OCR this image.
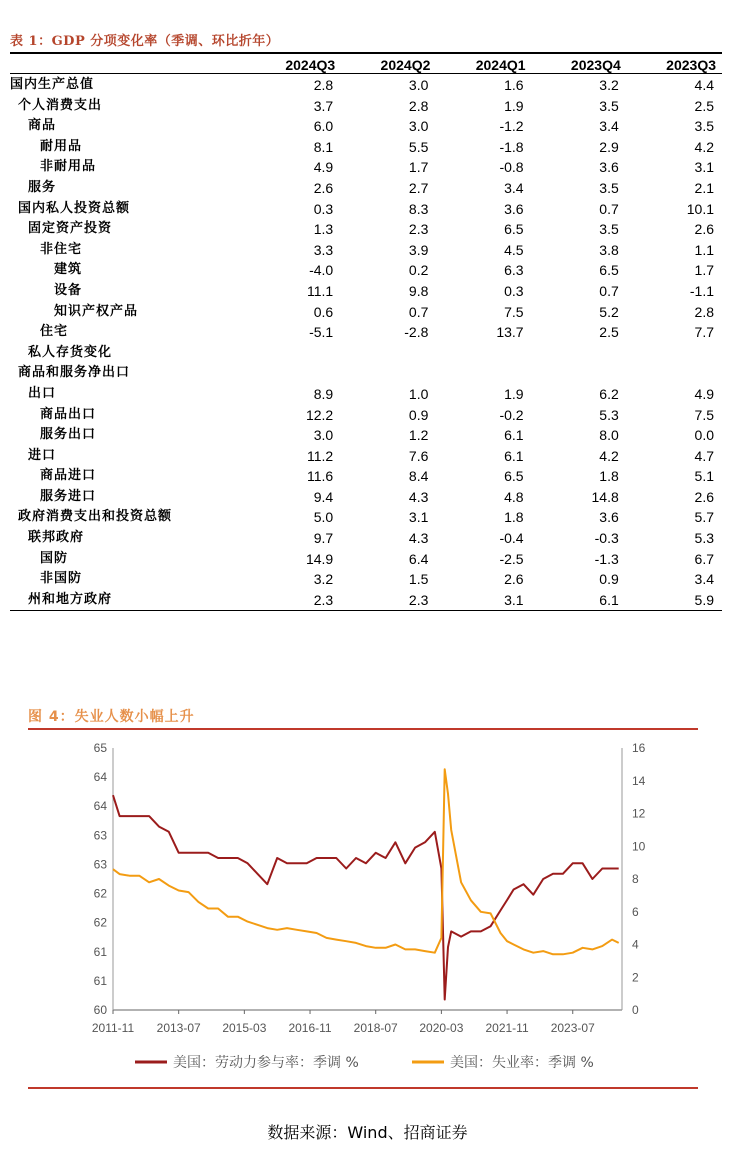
表 1：GDP 分项变化率（季调、环比折年）
	2024Q3	2024Q2	2024Q1	2023Q4	2023Q3
国内生产总值	2.8	3.0	1.6	3.2	4.4
个人消费支出	3.7	2.8	1.9	3.5	2.5
商品	6.0	3.0	-1.2	3.4	3.5
耐用品	8.1	5.5	-1.8	2.9	4.2
非耐用品	4.9	1.7	-0.8	3.6	3.1
服务	2.6	2.7	3.4	3.5	2.1
国内私人投资总额	0.3	8.3	3.6	0.7	10.1
固定资产投资	1.3	2.3	6.5	3.5	2.6
非住宅	3.3	3.9	4.5	3.8	1.1
建筑	-4.0	0.2	6.3	6.5	1.7
设备	11.1	9.8	0.3	0.7	-1.1
知识产权产品	0.6	0.7	7.5	5.2	2.8
住宅	-5.1	-2.8	13.7	2.5	7.7
私人存货变化					
商品和服务净出口					
出口	8.9	1.0	1.9	6.2	4.9
商品出口	12.2	0.9	-0.2	5.3	7.5
服务出口	3.0	1.2	6.1	8.0	0.0
进口	11.2	7.6	6.1	4.2	4.7
商品进口	11.6	8.4	6.5	1.8	5.1
服务进口	9.4	4.3	4.8	14.8	2.6
政府消费支出和投资总额	5.0	3.1	1.8	3.6	5.7
联邦政府	9.7	4.3	-0.4	-0.3	5.3
国防	14.9	6.4	-2.5	-1.3	6.7
非国防	3.2	1.5	2.6	0.9	3.4
州和地方政府	2.3	2.3	3.1	6.1	5.9
图 4：失业人数小幅上升
60
61
61
62
62
63
63
64
64
65
0
2
4
6
8
10
12
14
16
2011-11 2013-07 2015-03 2016-11 2018-07 2020-03 2021-11 2023-07
美国：劳动力参与率：季调 %	美国：失业率：季调 %
数据来源：Wind、招商证券
